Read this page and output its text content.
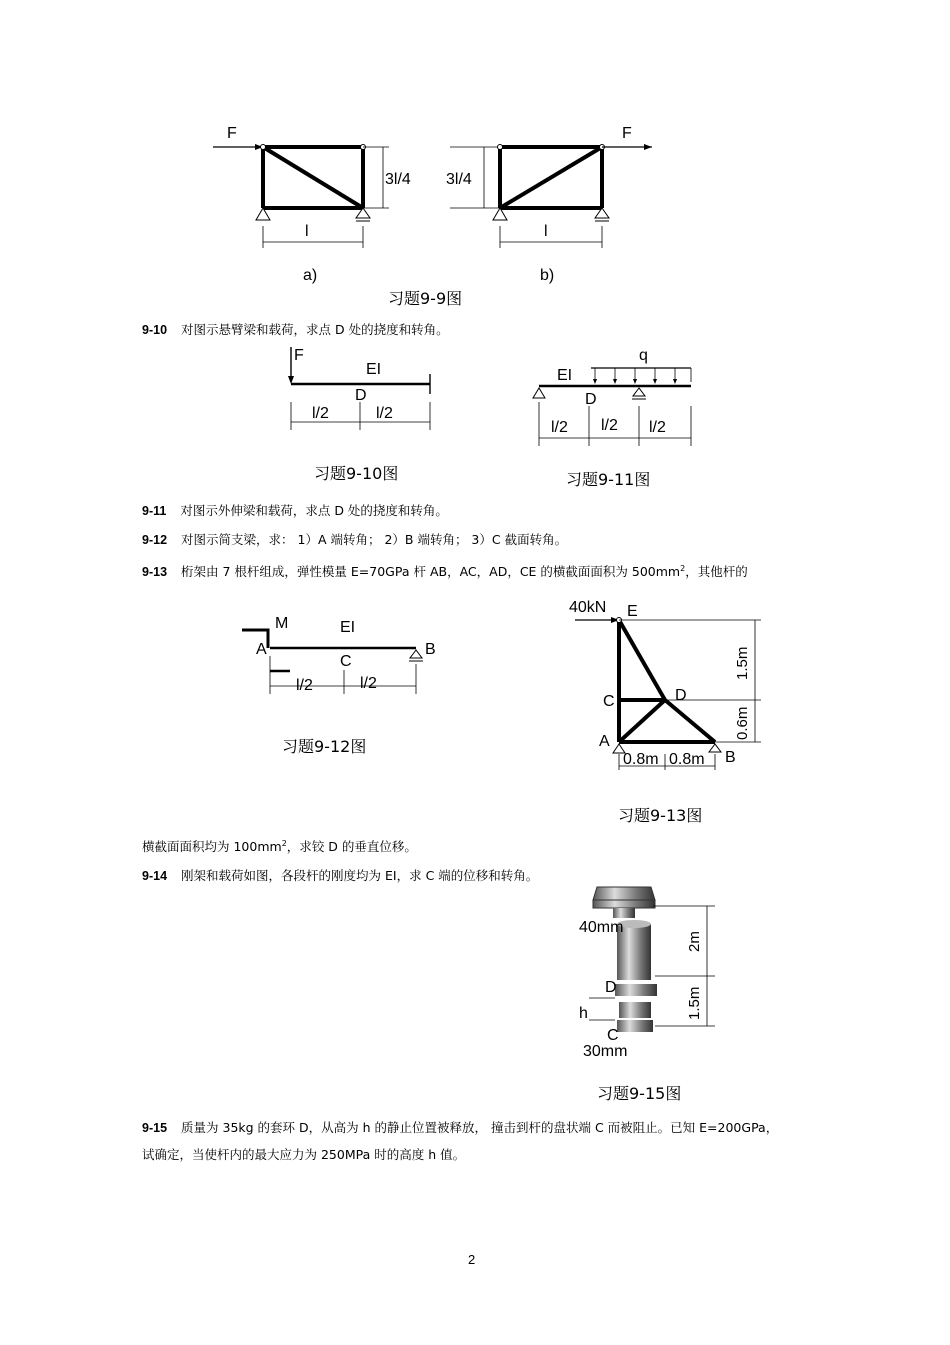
F
3l/4
l
a)
3l/4
F
l
b)
习题9-9图
9-10 对图示悬臂梁和载荷，求点 D 处的挠度和转角。
F
EI
D
l/2	l/2
习题9-10图
q
EI
D
l/2 l/2 l/2
习题9-11图
9-11 对图示外伸梁和载荷，求点 D 处的挠度和转角。
9-12 对图示简支梁，求： 1）A 端转角； 2）B 端转角； 3）C 截面转角。
9-13 桁架由 7 根杆组成，弹性模量 E=70GPa 杆 AB，AC，AD，CE 的横截面面积为 $500mm^2$，其他杆的
M
A
EI
B
C
l/2	l/2
习题9-12图
40kN E
C	D
A
B
1.5m
0.6m
0.8m 0.8m
习题9-13图
横截面面积均为 $100mm^2$，求铰 D 的垂直位移。
9-14 刚架和载荷如图，各段杆的刚度均为 EI，求 C 端的位移和转角。
40mm
D
h
C
30mm
2m
1.5m
习题9-15图
9-15 质量为 35kg 的套环 D，从高为 h 的静止位置被释放， 撞击到杆的盘状端 C 而被阻止。已知 E=200GPa，
试确定，当使杆内的最大应力为 250MPa 时的高度 h 值。
2
